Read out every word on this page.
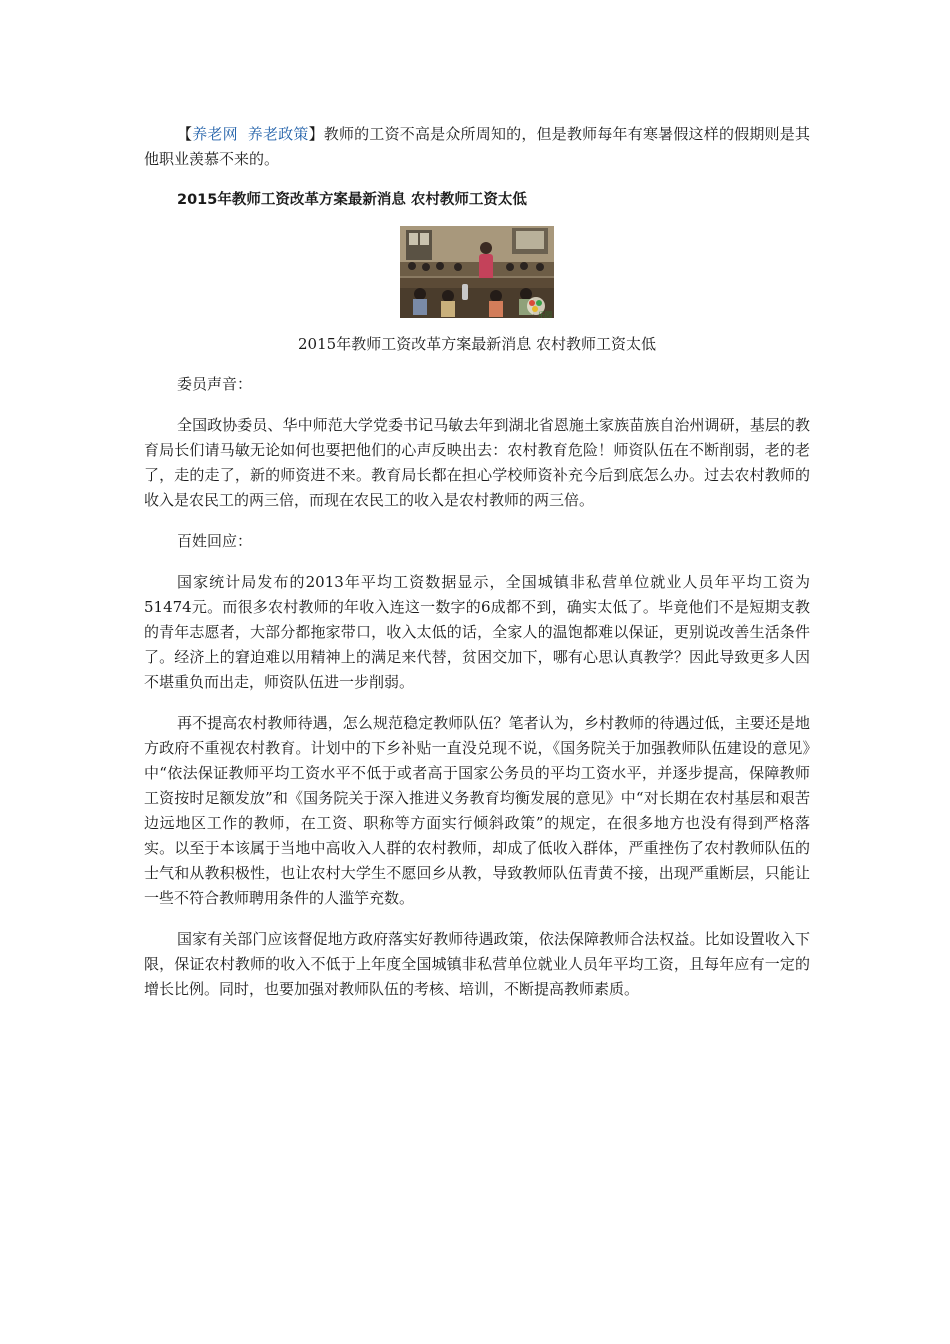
【养老网 养老政策】教师的工资不高是众所周知的，但是教师每年有寒暑假这样的假期则是其他职业羡慕不来的。

2015年教师工资改革方案最新消息 农村教师工资太低
乐园
2015年教师工资改革方案最新消息 农村教师工资太低

委员声音：

全国政协委员、华中师范大学党委书记马敏去年到湖北省恩施土家族苗族自治州调研，基层的教育局长们请马敏无论如何也要把他们的心声反映出去：农村教育危险！师资队伍在不断削弱，老的老了，走的走了，新的师资进不来。教育局长都在担心学校师资补充今后到底怎么办。过去农村教师的收入是农民工的两三倍，而现在农民工的收入是农村教师的两三倍。

百姓回应：

国家统计局发布的2013年平均工资数据显示，全国城镇非私营单位就业人员年平均工资为51474元。而很多农村教师的年收入连这一数字的6成都不到，确实太低了。毕竟他们不是短期支教的青年志愿者，大部分都拖家带口，收入太低的话，全家人的温饱都难以保证，更别说改善生活条件了。经济上的窘迫难以用精神上的满足来代替，贫困交加下，哪有心思认真教学？因此导致更多人因不堪重负而出走，师资队伍进一步削弱。

再不提高农村教师待遇，怎么规范稳定教师队伍？笔者认为，乡村教师的待遇过低，主要还是地方政府不重视农村教育。计划中的下乡补贴一直没兑现不说，《国务院关于加强教师队伍建设的意见》中“依法保证教师平均工资水平不低于或者高于国家公务员的平均工资水平，并逐步提高，保障教师工资按时足额发放”和《国务院关于深入推进义务教育均衡发展的意见》中“对长期在农村基层和艰苦边远地区工作的教师，在工资、职称等方面实行倾斜政策”的规定，在很多地方也没有得到严格落实。以至于本该属于当地中高收入人群的农村教师，却成了低收入群体，严重挫伤了农村教师队伍的士气和从教积极性，也让农村大学生不愿回乡从教，导致教师队伍青黄不接，出现严重断层，只能让一些不符合教师聘用条件的人滥竽充数。

国家有关部门应该督促地方政府落实好教师待遇政策，依法保障教师合法权益。比如设置收入下限，保证农村教师的收入不低于上年度全国城镇非私营单位就业人员年平均工资，且每年应有一定的增长比例。同时，也要加强对教师队伍的考核、培训，不断提高教师素质。
